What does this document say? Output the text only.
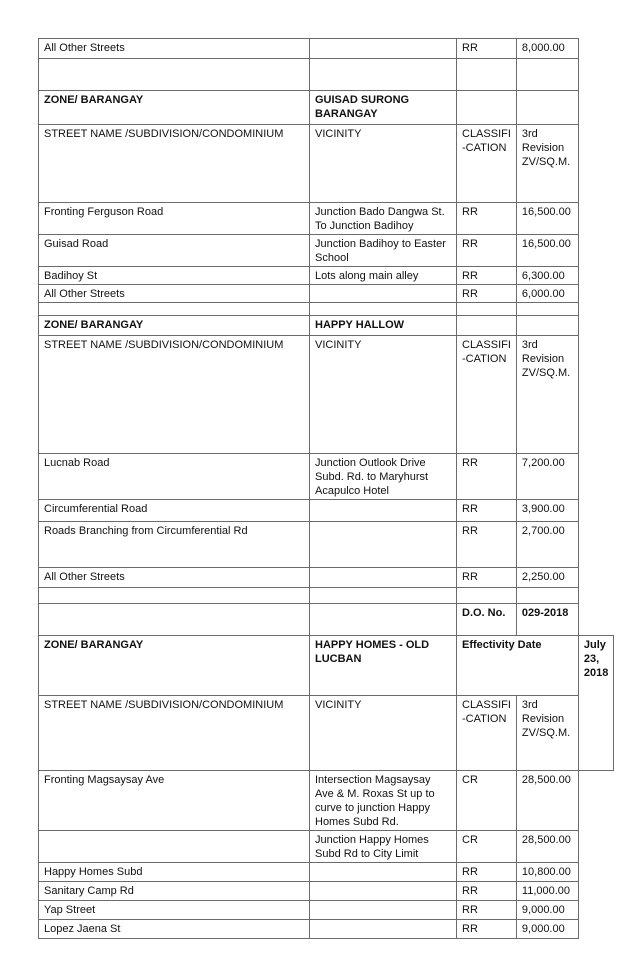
All Other Streets		RR	8,000.00	

ZONE/ BARANGAY	GUISAD SURONG BARANGAY			
STREET NAME /SUBDIVISION/CONDOMINIUM	VICINITY	CLASSIFI -CATION	3rd Revision ZV/SQ.M.	
Fronting Ferguson Road	Junction Bado Dangwa St. To Junction Badihoy	RR	16,500.00	
Guisad Road	Junction Badihoy to Easter School	RR	16,500.00	
Badihoy St	Lots along main alley	RR	6,300.00	
All Other Streets		RR	6,000.00	

ZONE/ BARANGAY	HAPPY HALLOW			
STREET NAME /SUBDIVISION/CONDOMINIUM	VICINITY	CLASSIFI -CATION	3rd Revision ZV/SQ.M.	
Lucnab Road	Junction Outlook Drive Subd. Rd. to Maryhurst Acapulco Hotel	RR	7,200.00	
Circumferential Road		RR	3,900.00	
Roads Branching from Circumferential Rd		RR	2,700.00	
All Other Streets		RR	2,250.00	

		D.O. No.	029-2018	
ZONE/ BARANGAY	HAPPY HOMES - OLD LUCBAN	Effectivity Date		July 23, 2018
STREET NAME /SUBDIVISION/CONDOMINIUM	VICINITY	CLASSIFI -CATION	3rd Revision ZV/SQ.M.	
Fronting Magsaysay Ave	Intersection Magsaysay Ave & M. Roxas St up to curve to junction Happy Homes Subd Rd.	CR	28,500.00	
	Junction Happy Homes Subd Rd to City Limit	CR	28,500.00	
Happy Homes Subd		RR	10,800.00	
Sanitary Camp Rd		RR	11,000.00	
Yap Street		RR	9,000.00	
Lopez Jaena St		RR	9,000.00	
